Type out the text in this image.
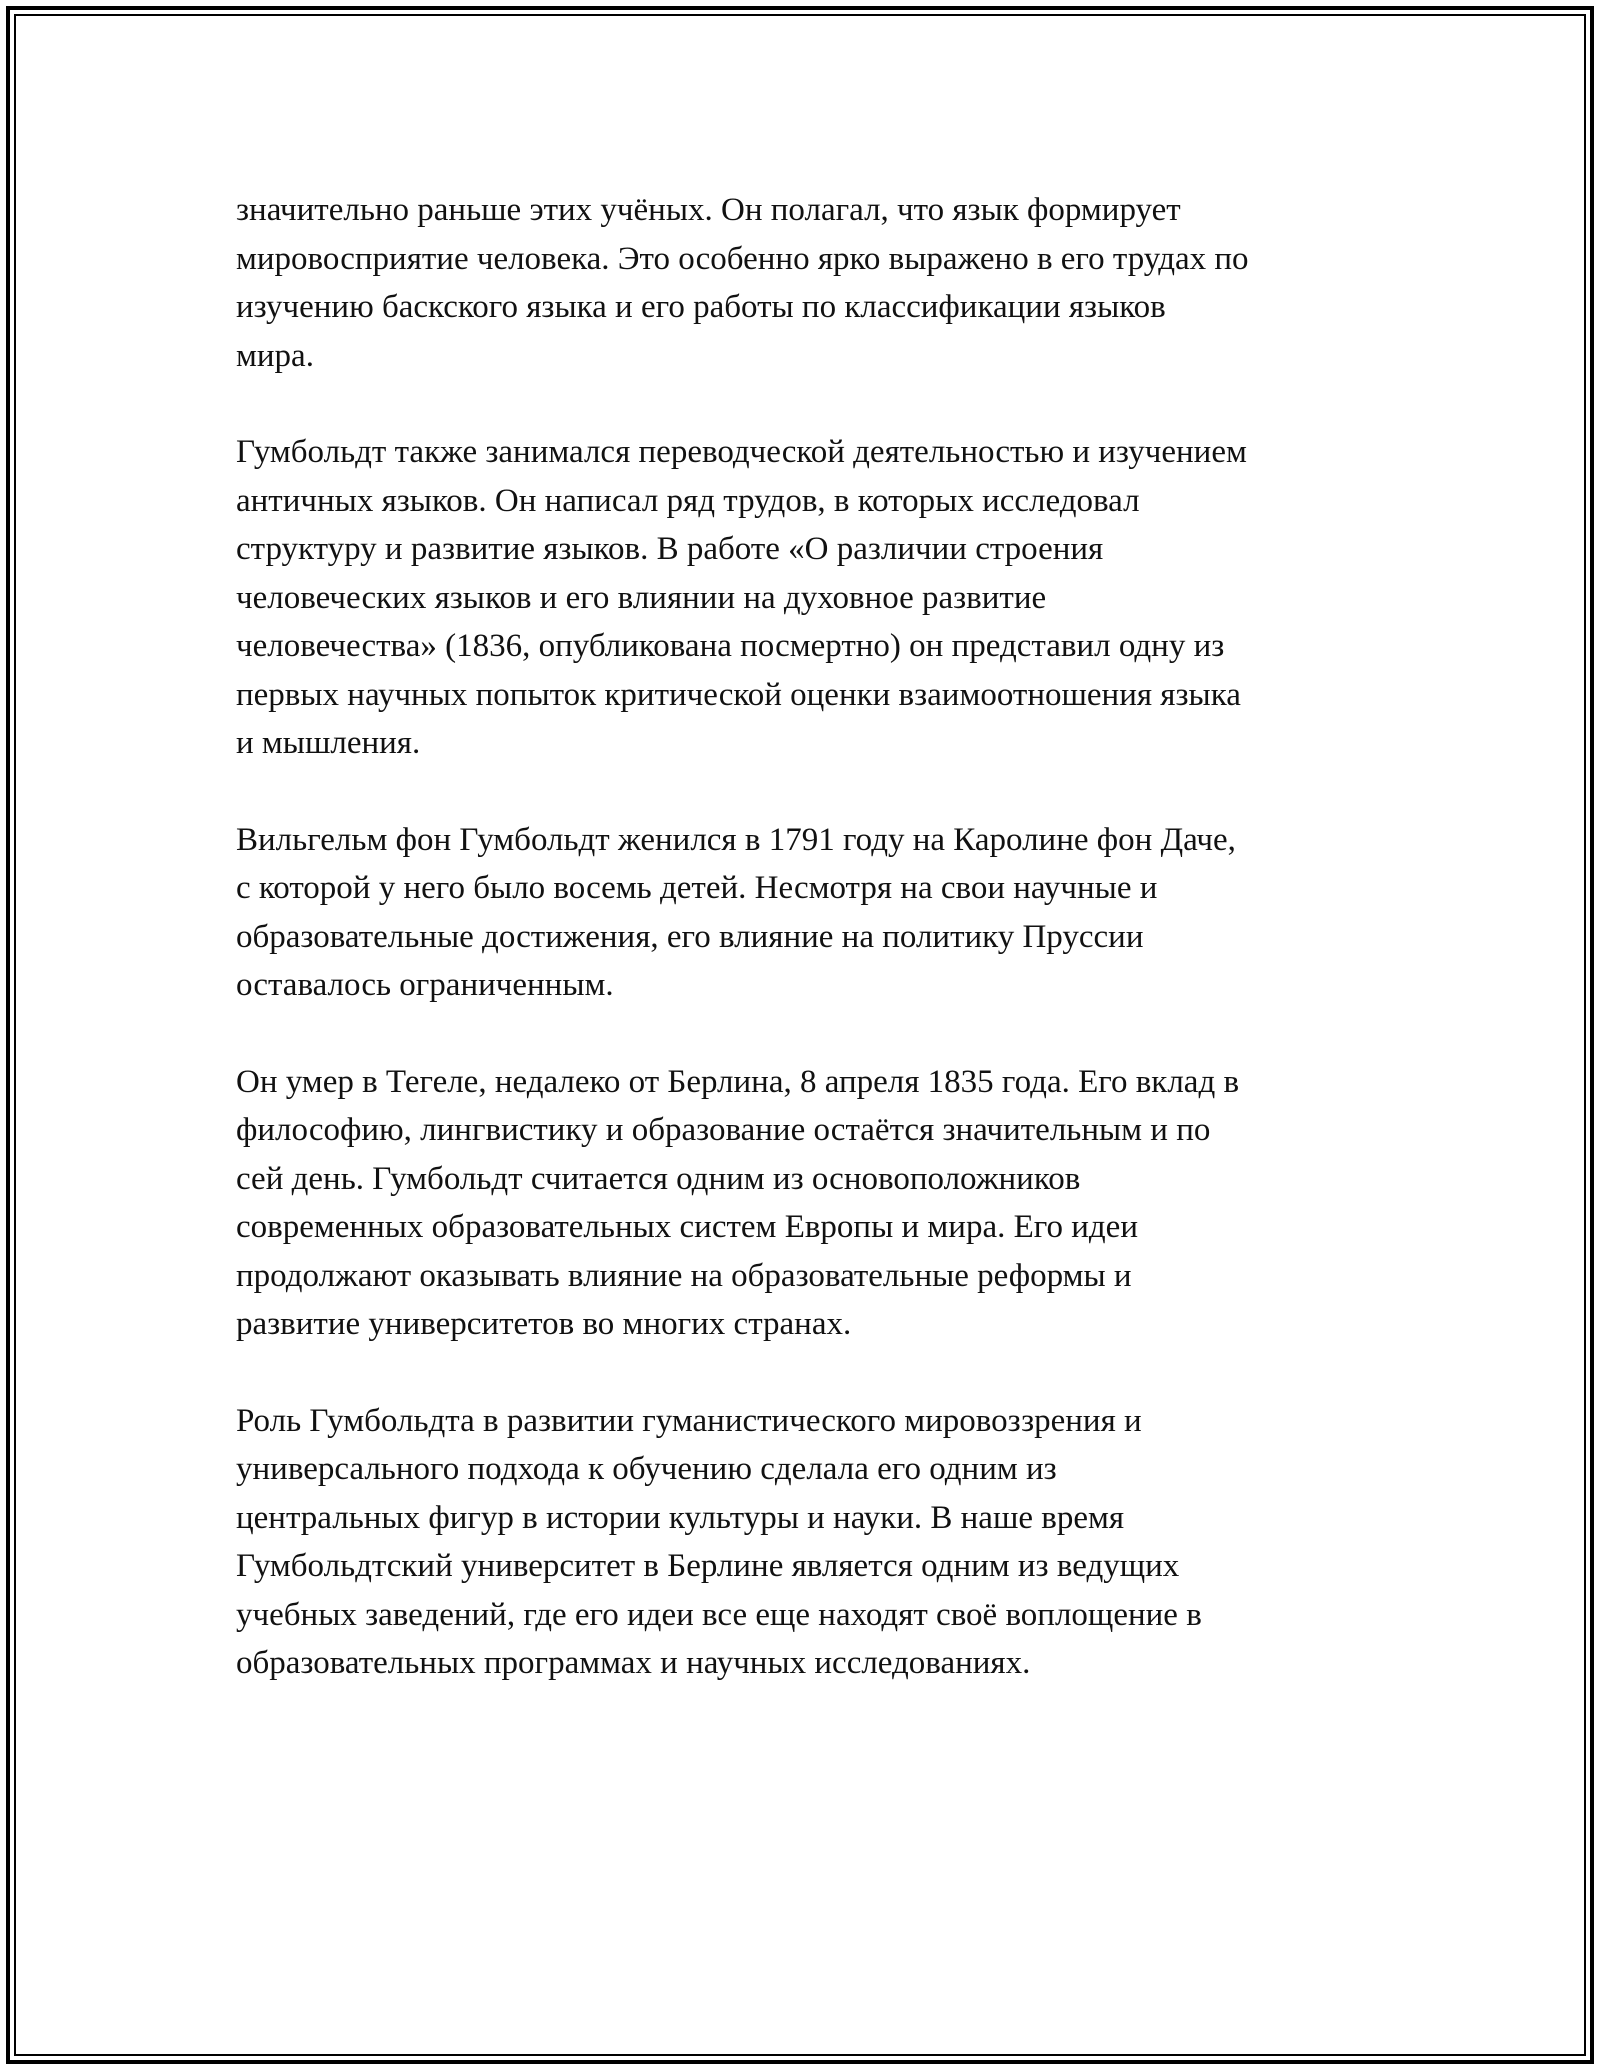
значительно раньше этих учёных. Он полагал, что язык формирует
мировосприятие человека. Это особенно ярко выражено в его трудах по
изучению баскского языка и его работы по классификации языков
мира.

Гумбольдт также занимался переводческой деятельностью и изучением
античных языков. Он написал ряд трудов, в которых исследовал
структуру и развитие языков. В работе «О различии строения
человеческих языков и его влиянии на духовное развитие
человечества» (1836, опубликована посмертно) он представил одну из
первых научных попыток критической оценки взаимоотношения языка
и мышления.

Вильгельм фон Гумбольдт женился в 1791 году на Каролине фон Даче,
с которой у него было восемь детей. Несмотря на свои научные и
образовательные достижения, его влияние на политику Пруссии
оставалось ограниченным.

Он умер в Тегеле, недалеко от Берлина, 8 апреля 1835 года. Его вклад в
философию, лингвистику и образование остаётся значительным и по
сей день. Гумбольдт считается одним из основоположников
современных образовательных систем Европы и мира. Его идеи
продолжают оказывать влияние на образовательные реформы и
развитие университетов во многих странах.

Роль Гумбольдта в развитии гуманистического мировоззрения и
универсального подхода к обучению сделала его одним из
центральных фигур в истории культуры и науки. В наше время
Гумбольдтский университет в Берлине является одним из ведущих
учебных заведений, где его идеи все еще находят своё воплощение в
образовательных программах и научных исследованиях.
